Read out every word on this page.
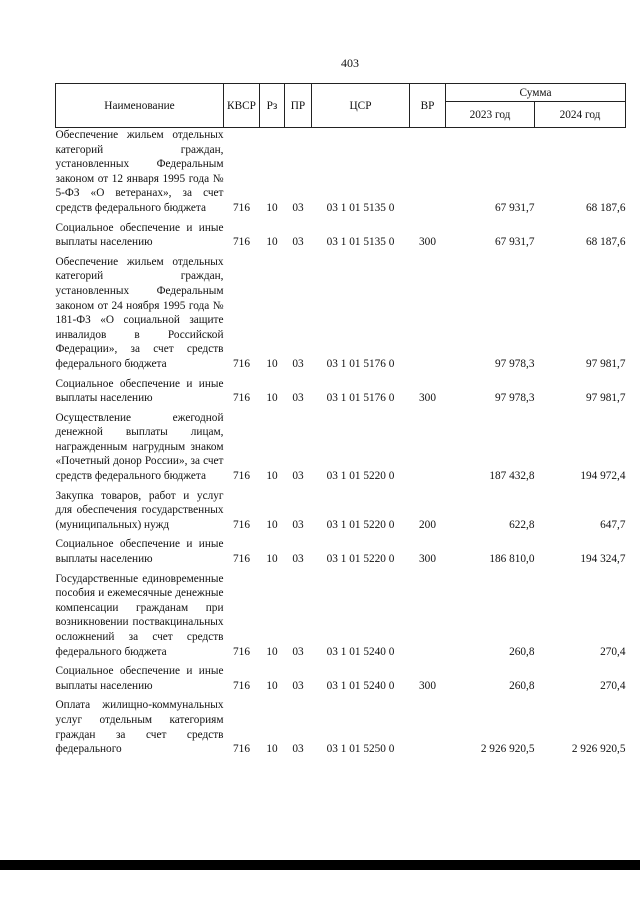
403
Наименование	КВСР	Рз	ПР	ЦСР	ВР	Сумма	
						2023 год	2024 год
Обеспечение жильем отдельных категорий граждан, установленных Федеральным законом от 12 января 1995 года № 5-ФЗ «О ветеранах», за счет средств федерального бюджета	716	10	03	03 1 01 5135 0		67 931,7	68 187,6
Социальное обеспечение и иные выплаты населению	716	10	03	03 1 01 5135 0	300	67 931,7	68 187,6
Обеспечение жильем отдельных категорий граждан, установленных Федеральным законом от 24 ноября 1995 года № 181-ФЗ «О социальной защите инвалидов в Российской Федерации», за счет средств федерального бюджета	716	10	03	03 1 01 5176 0		97 978,3	97 981,7
Социальное обеспечение и иные выплаты населению	716	10	03	03 1 01 5176 0	300	97 978,3	97 981,7
Осуществление ежегодной денежной выплаты лицам, награжденным нагрудным знаком «Почетный донор России», за счет средств федерального бюджета	716	10	03	03 1 01 5220 0		187 432,8	194 972,4
Закупка товаров, работ и услуг для обеспечения государственных (муниципальных) нужд	716	10	03	03 1 01 5220 0	200	622,8	647,7
Социальное обеспечение и иные выплаты населению	716	10	03	03 1 01 5220 0	300	186 810,0	194 324,7
Государственные единовременные пособия и ежемесячные денежные компенсации гражданам при возникновении поствакцинальных осложнений за счет средств федерального бюджета	716	10	03	03 1 01 5240 0		260,8	270,4
Социальное обеспечение и иные выплаты населению	716	10	03	03 1 01 5240 0	300	260,8	270,4
Оплата жилищно-коммунальных услуг отдельным категориям граждан за счет средств федерального	716	10	03	03 1 01 5250 0		2 926 920,5	2 926 920,5
